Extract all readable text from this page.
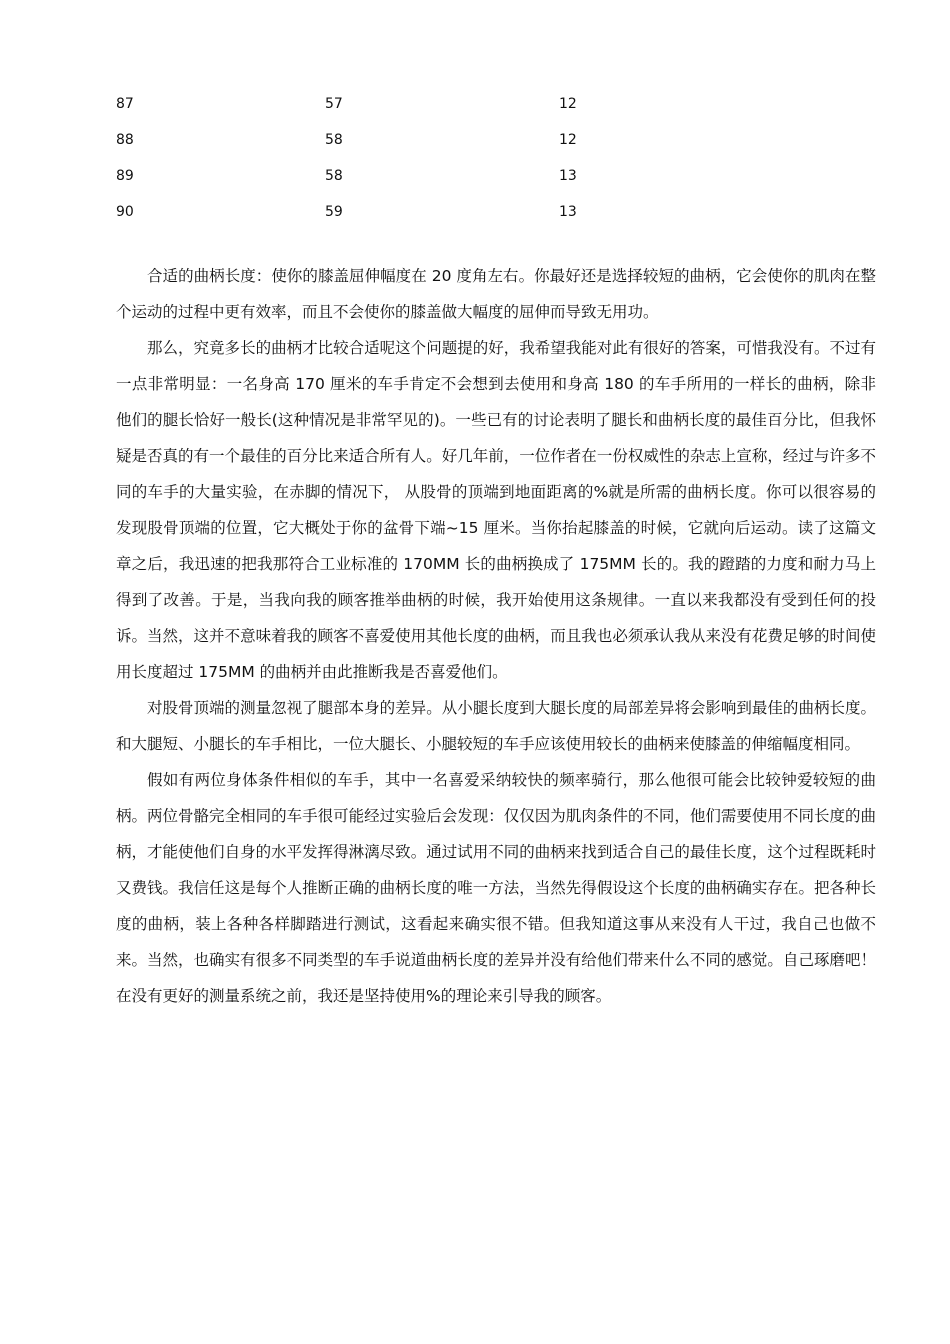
87	57	12
88	58	12
89	58	13
90	59	13

合适的曲柄长度：使你的膝盖屈伸幅度在 20 度角左右。你最好还是选择较短的曲柄，它会使你的肌肉在整个运动的过程中更有效率，而且不会使你的膝盖做大幅度的屈伸而导致无用功。

那么，究竟多长的曲柄才比较合适呢这个问题提的好，我希望我能对此有很好的答案，可惜我没有。不过有一点非常明显：一名身高 170 厘米的车手肯定不会想到去使用和身高 180 的车手所用的一样长的曲柄，除非他们的腿长恰好一般长(这种情况是非常罕见的)。一些已有的讨论表明了腿长和曲柄长度的最佳百分比，但我怀疑是否真的有一个最佳的百分比来适合所有人。好几年前，一位作者在一份权威性的杂志上宣称，经过与许多不同的车手的大量实验，在赤脚的情况下， 从股骨的顶端到地面距离的%就是所需的曲柄长度。你可以很容易的发现股骨顶端的位置，它大概处于你的盆骨下端~15 厘米。当你抬起膝盖的时候，它就向后运动。读了这篇文章之后，我迅速的把我那符合工业标准的 170MM 长的曲柄换成了 175MM 长的。我的蹬踏的力度和耐力马上得到了改善。于是，当我向我的顾客推举曲柄的时候，我开始使用这条规律。一直以来我都没有受到任何的投诉。当然，这并不意味着我的顾客不喜爱使用其他长度的曲柄，而且我也必须承认我从来没有花费足够的时间使用长度超过 175MM 的曲柄并由此推断我是否喜爱他们。

对股骨顶端的测量忽视了腿部本身的差异。从小腿长度到大腿长度的局部差异将会影响到最佳的曲柄长度。和大腿短、小腿长的车手相比，一位大腿长、小腿较短的车手应该使用较长的曲柄来使膝盖的伸缩幅度相同。

假如有两位身体条件相似的车手，其中一名喜爱采纳较快的频率骑行，那么他很可能会比较钟爱较短的曲柄。两位骨骼完全相同的车手很可能经过实验后会发现：仅仅因为肌肉条件的不同，他们需要使用不同长度的曲柄，才能使他们自身的水平发挥得淋漓尽致。通过试用不同的曲柄来找到适合自己的最佳长度，这个过程既耗时又费钱。我信任这是每个人推断正确的曲柄长度的唯一方法，当然先得假设这个长度的曲柄确实存在。把各种长度的曲柄，装上各种各样脚踏进行测试，这看起来确实很不错。但我知道这事从来没有人干过，我自己也做不来。当然，也确实有很多不同类型的车手说道曲柄长度的差异并没有给他们带来什么不同的感觉。自己琢磨吧！在没有更好的测量系统之前，我还是坚持使用%的理论来引导我的顾客。
